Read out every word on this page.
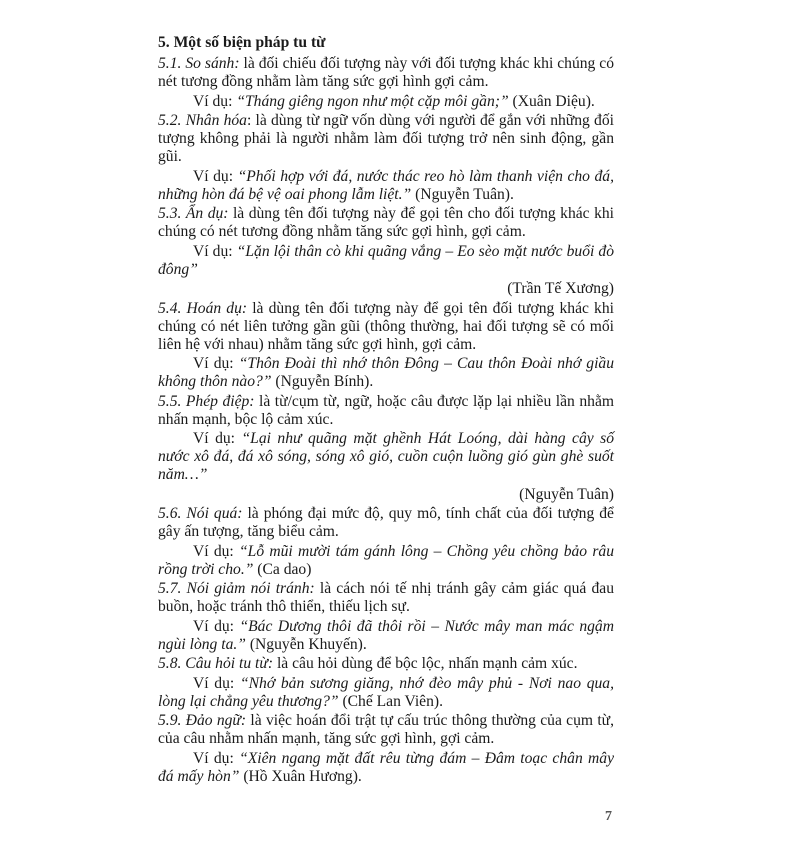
5. Một số biện pháp tu từ

5.1. So sánh: là đối chiếu đối tượng này với đối tượng khác khi chúng có nét tương đồng nhằm làm tăng sức gợi hình gợi cảm.

Ví dụ: “Tháng giêng ngon như một cặp môi gần;” (Xuân Diệu).

5.2. Nhân hóa: là dùng từ ngữ vốn dùng với người để gắn với những đối tượng không phải là người nhằm làm đối tượng trở nên sinh động, gần gũi.

Ví dụ: “Phối hợp với đá, nước thác reo hò làm thanh viện cho đá, những hòn đá bệ vệ oai phong lẫm liệt.” (Nguyễn Tuân).

5.3. Ẩn dụ: là dùng tên đối tượng này để gọi tên cho đối tượng khác khi chúng có nét tương đồng nhằm tăng sức gợi hình, gợi cảm.

Ví dụ: “Lặn lội thân cò khi quãng vắng – Eo sèo mặt nước buổi đò đông”

(Trần Tế Xương)

5.4. Hoán dụ: là dùng tên đối tượng này để gọi tên đối tượng khác khi chúng có nét liên tưởng gần gũi (thông thường, hai đối tượng sẽ có mối liên hệ với nhau) nhằm tăng sức gợi hình, gợi cảm.

Ví dụ: “Thôn Đoài thì nhớ thôn Đông – Cau thôn Đoài nhớ giầu không thôn nào?” (Nguyễn Bính).

5.5. Phép điệp: là từ/cụm từ, ngữ, hoặc câu được lặp lại nhiều lần nhằm nhấn mạnh, bộc lộ cảm xúc.

Ví dụ: “Lại như quãng mặt ghềnh Hát Loóng, dài hàng cây số nước xô đá, đá xô sóng, sóng xô gió, cuồn cuộn luồng gió gùn ghè suốt năm…”

(Nguyễn Tuân)

5.6. Nói quá: là phóng đại mức độ, quy mô, tính chất của đối tượng để gây ấn tượng, tăng biểu cảm.

Ví dụ: “Lỗ mũi mười tám gánh lông – Chồng yêu chồng bảo râu rồng trời cho.” (Ca dao)

5.7. Nói giảm nói tránh: là cách nói tế nhị tránh gây cảm giác quá đau buồn, hoặc tránh thô thiển, thiếu lịch sự.

Ví dụ: “Bác Dương thôi đã thôi rồi – Nước mây man mác ngậm ngùi lòng ta.” (Nguyễn Khuyến).

5.8. Câu hỏi tu từ: là câu hỏi dùng để bộc lộc, nhấn mạnh cảm xúc.

Ví dụ: “Nhớ bản sương giăng, nhớ đèo mây phủ - Nơi nao qua, lòng lại chẳng yêu thương?” (Chế Lan Viên).

5.9. Đảo ngữ: là việc hoán đổi trật tự cấu trúc thông thường của cụm từ, của câu nhằm nhấn mạnh, tăng sức gợi hình, gợi cảm.

Ví dụ: “Xiên ngang mặt đất rêu từng đám – Đâm toạc chân mây đá mấy hòn” (Hồ Xuân Hương).

7
